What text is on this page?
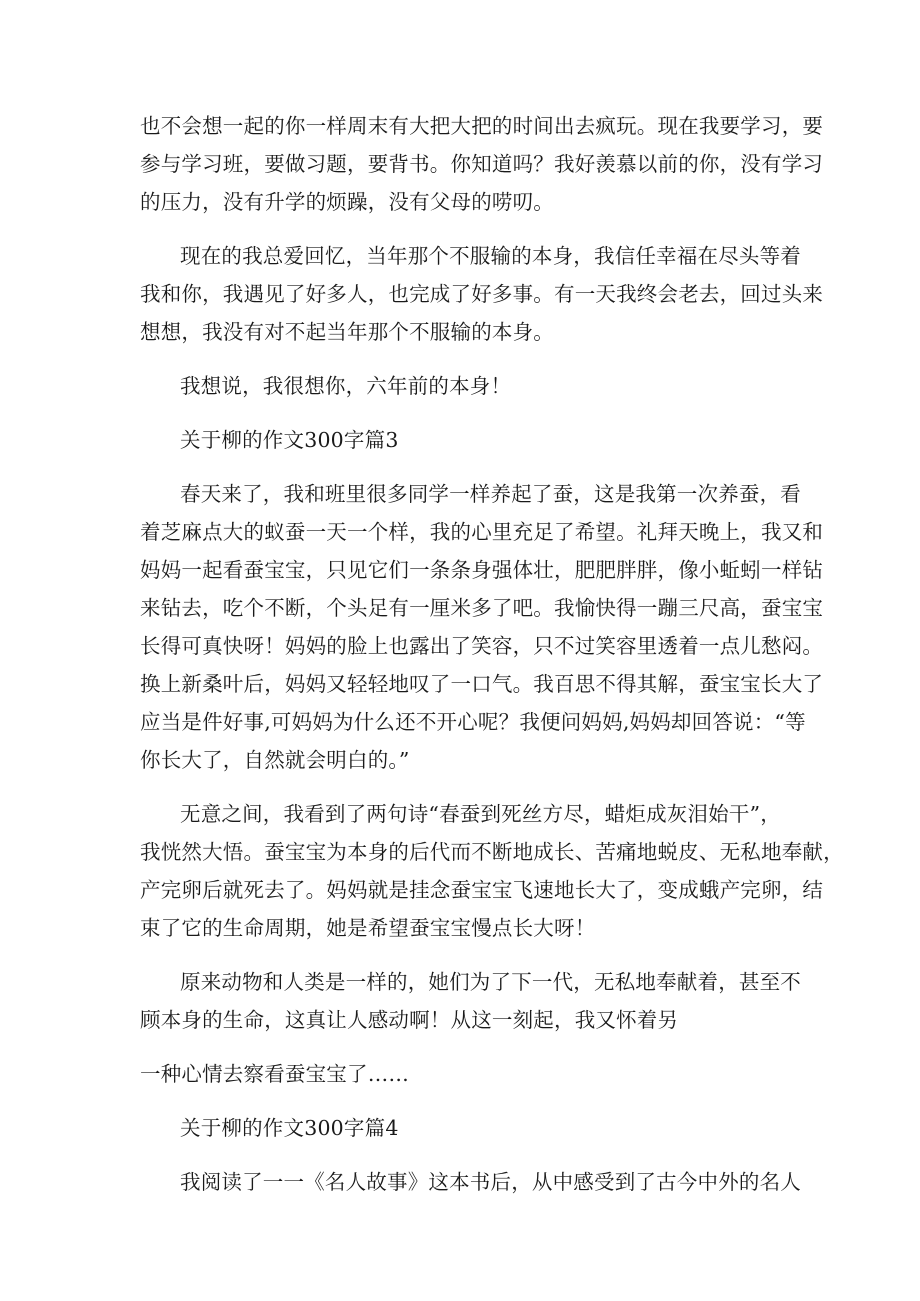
也不会想一起的你一样周末有大把大把的时间出去疯玩。现在我要学习，要
参与学习班，要做习题，要背书。你知道吗？我好羡慕以前的你，没有学习
的压力，没有升学的烦躁，没有父母的唠叨。
现在的我总爱回忆，当年那个不服输的本身，我信任幸福在尽头等着
我和你，我遇见了好多人，也完成了好多事。有一天我终会老去，回过头来
想想，我没有对不起当年那个不服输的本身。
我想说，我很想你，六年前的本身！
关于柳的作文300字篇3
春天来了，我和班里很多同学一样养起了蚕，这是我第一次养蚕，看
着芝麻点大的蚁蚕一天一个样，我的心里充足了希望。礼拜天晚上，我又和
妈妈一起看蚕宝宝，只见它们一条条身强体壮，肥肥胖胖，像小蚯蚓一样钻
来钻去，吃个不断，个头足有一厘米多了吧。我愉快得一蹦三尺高，蚕宝宝
长得可真快呀！妈妈的脸上也露出了笑容，只不过笑容里透着一点儿愁闷。
换上新桑叶后，妈妈又轻轻地叹了一口气。我百思不得其解，蚕宝宝长大了
应当是件好事,可妈妈为什么还不开心呢？我便问妈妈,妈妈却回答说：“等
你长大了，自然就会明白的。”
无意之间，我看到了两句诗“春蚕到死丝方尽，蜡炬成灰泪始干”，
我恍然大悟。蚕宝宝为本身的后代而不断地成长、苦痛地蜕皮、无私地奉献，
产完卵后就死去了。妈妈就是挂念蚕宝宝飞速地长大了，变成蛾产完卵，结
束了它的生命周期，她是希望蚕宝宝慢点长大呀！
原来动物和人类是一样的，她们为了下一代，无私地奉献着，甚至不
顾本身的生命，这真让人感动啊！从这一刻起，我又怀着另
一种心情去察看蚕宝宝了……
关于柳的作文300字篇4
我阅读了一一《名人故事》这本书后，从中感受到了古今中外的名人
